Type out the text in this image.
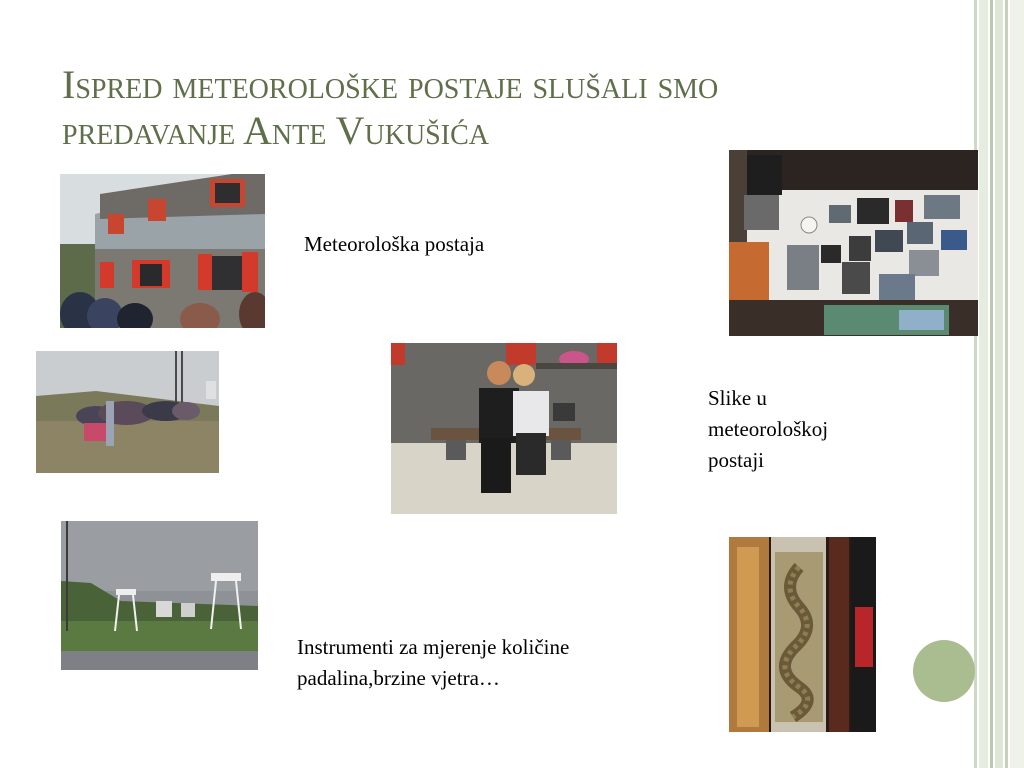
Ispred meteorološke postaje slušali smo predavanje Ante Vukušića
Meteorološka postaja
Slike u meteorološkoj postaji
Instrumenti za mjerenje količine padalina,brzine vjetra…
